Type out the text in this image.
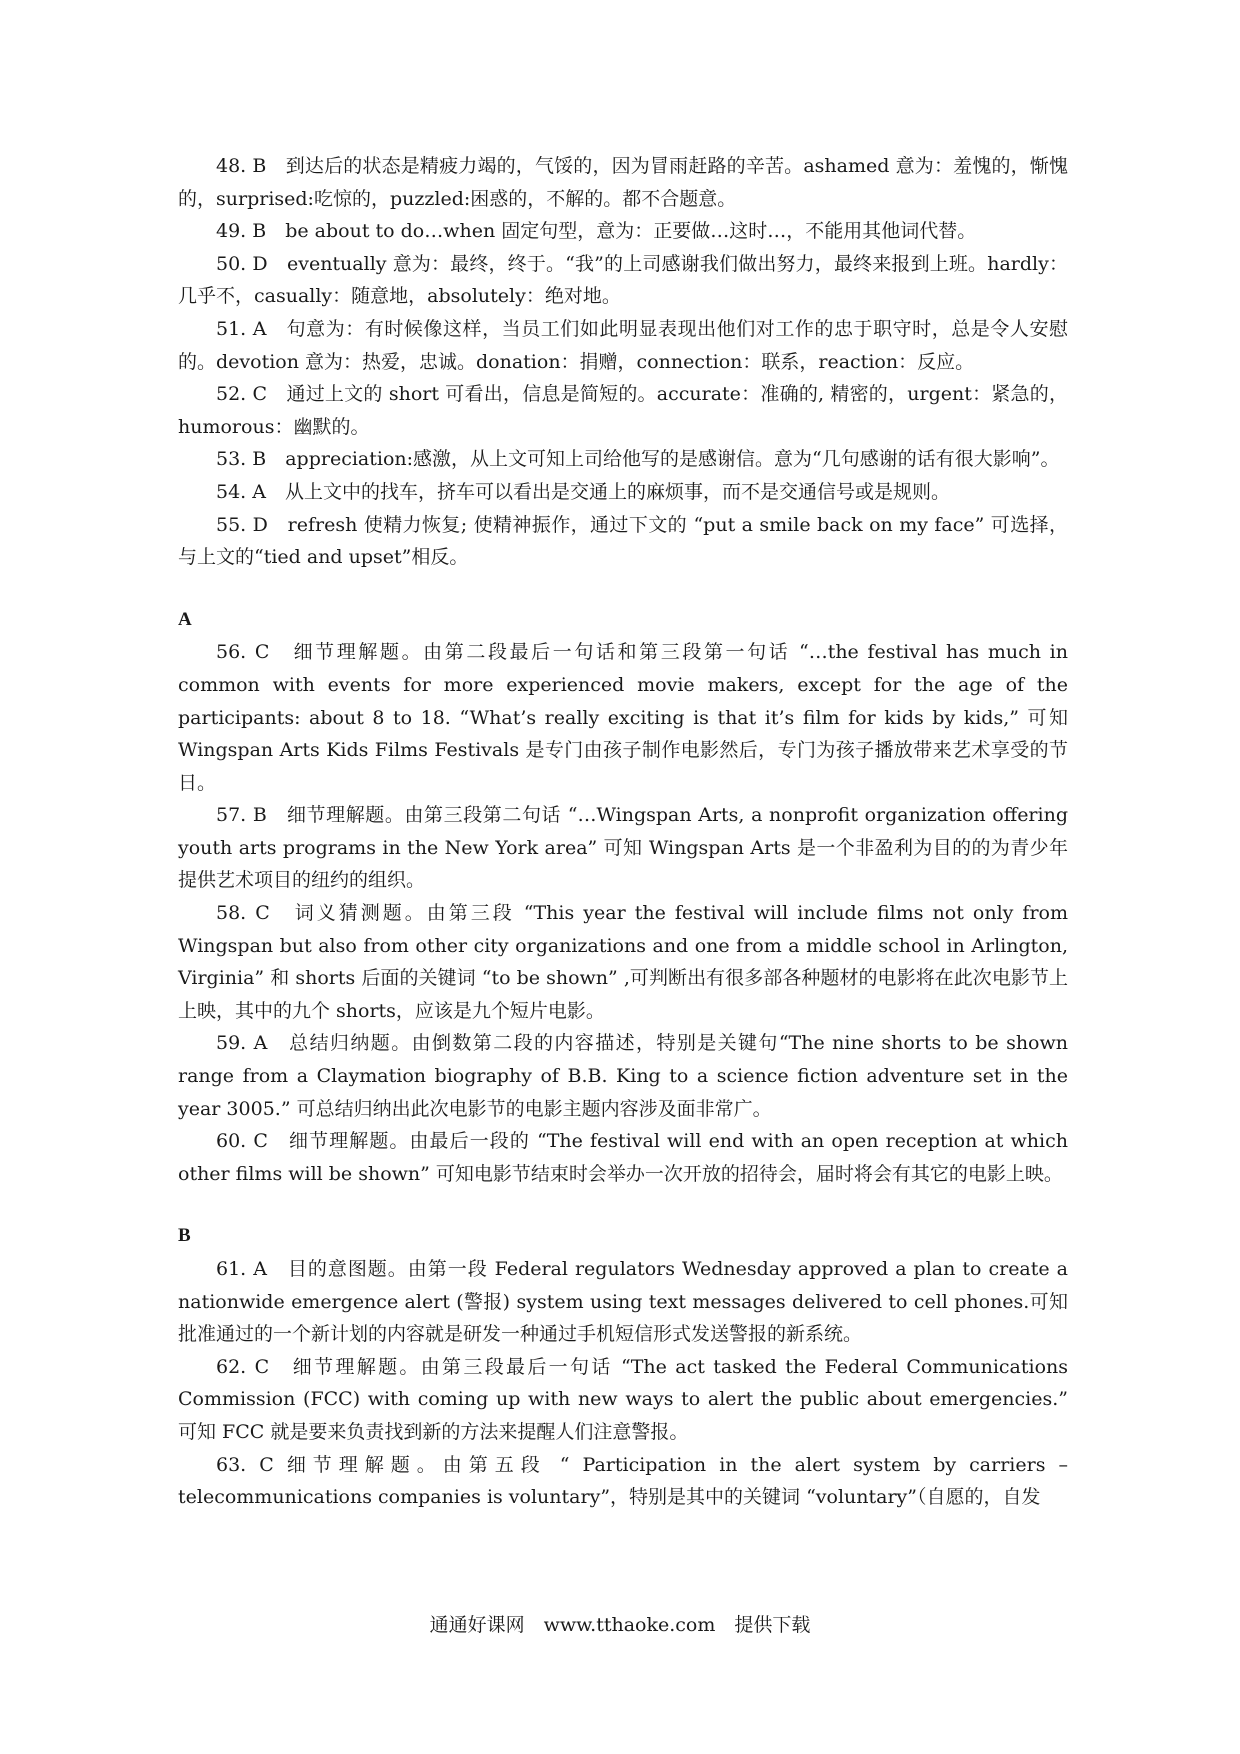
48. B　到达后的状态是精疲力竭的，气馁的，因为冒雨赶路的辛苦。ashamed 意为：羞愧的，惭愧的，surprised:吃惊的，puzzled:困惑的，不解的。都不合题意。

49. B　be about to do…when 固定句型，意为：正要做…这时…，不能用其他词代替。

50. D　eventually 意为：最终，终于。“我”的上司感谢我们做出努力，最终来报到上班。hardly：几乎不，casually：随意地，absolutely：绝对地。

51. A　句意为：有时候像这样，当员工们如此明显表现出他们对工作的忠于职守时，总是令人安慰的。devotion 意为：热爱，忠诚。donation：捐赠，connection：联系，reaction：反应。

52. C　通过上文的 short 可看出，信息是简短的。accurate：准确的, 精密的，urgent：紧急的，humorous：幽默的。

53. B　appreciation:感激，从上文可知上司给他写的是感谢信。意为“几句感谢的话有很大影响”。

54. A　从上文中的找车，挤车可以看出是交通上的麻烦事，而不是交通信号或是规则。

55. D　refresh 使精力恢复; 使精神振作，通过下文的 “put a smile back on my face” 可选择，与上文的“tied and upset”相反。

A

56. C　细节理解题。由第二段最后一句话和第三段第一句话 “…the festival has much in common with events for more experienced movie makers, except for the age of the participants: about 8 to 18. “What’s really exciting is that it’s film for kids by kids,” 可知 Wingspan Arts Kids Films Festivals 是专门由孩子制作电影然后，专门为孩子播放带来艺术享受的节日。

57. B　细节理解题。由第三段第二句话 “…Wingspan Arts, a nonprofit organization offering youth arts programs in the New York area” 可知 Wingspan Arts 是一个非盈利为目的的为青少年提供艺术项目的纽约的组织。

58. C　词义猜测题。由第三段 “This year the festival will include films not only from Wingspan but also from other city organizations and one from a middle school in Arlington, Virginia” 和 shorts 后面的关键词 “to be shown” ,可判断出有很多部各种题材的电影将在此次电影节上上映，其中的九个 shorts，应该是九个短片电影。

59. A　总结归纳题。由倒数第二段的内容描述，特别是关键句“The nine shorts to be shown range from a Claymation biography of B.B. King to a science fiction adventure set in the year 3005.” 可总结归纳出此次电影节的电影主题内容涉及面非常广。

60. C　细节理解题。由最后一段的 “The festival will end with an open reception at which other films will be shown” 可知电影节结束时会举办一次开放的招待会，届时将会有其它的电影上映。

B

61. A　目的意图题。由第一段 Federal regulators Wednesday approved a plan to create a nationwide emergence alert (警报) system using text messages delivered to cell phones.可知批准通过的一个新计划的内容就是研发一种通过手机短信形式发送警报的新系统。

62. C　细节理解题。由第三段最后一句话 “The act tasked the Federal Communications Commission (FCC) with coming up with new ways to alert the public about emergencies.” 可知 FCC 就是要来负责找到新的方法来提醒人们注意警报。

63. C 细节理解题。由第五段 “ Participation in the alert system by carriers – telecommunications companies is voluntary”，特别是其中的关键词 “voluntary”（自愿的，自发

通通好课网　www.tthaoke.com　提供下载
